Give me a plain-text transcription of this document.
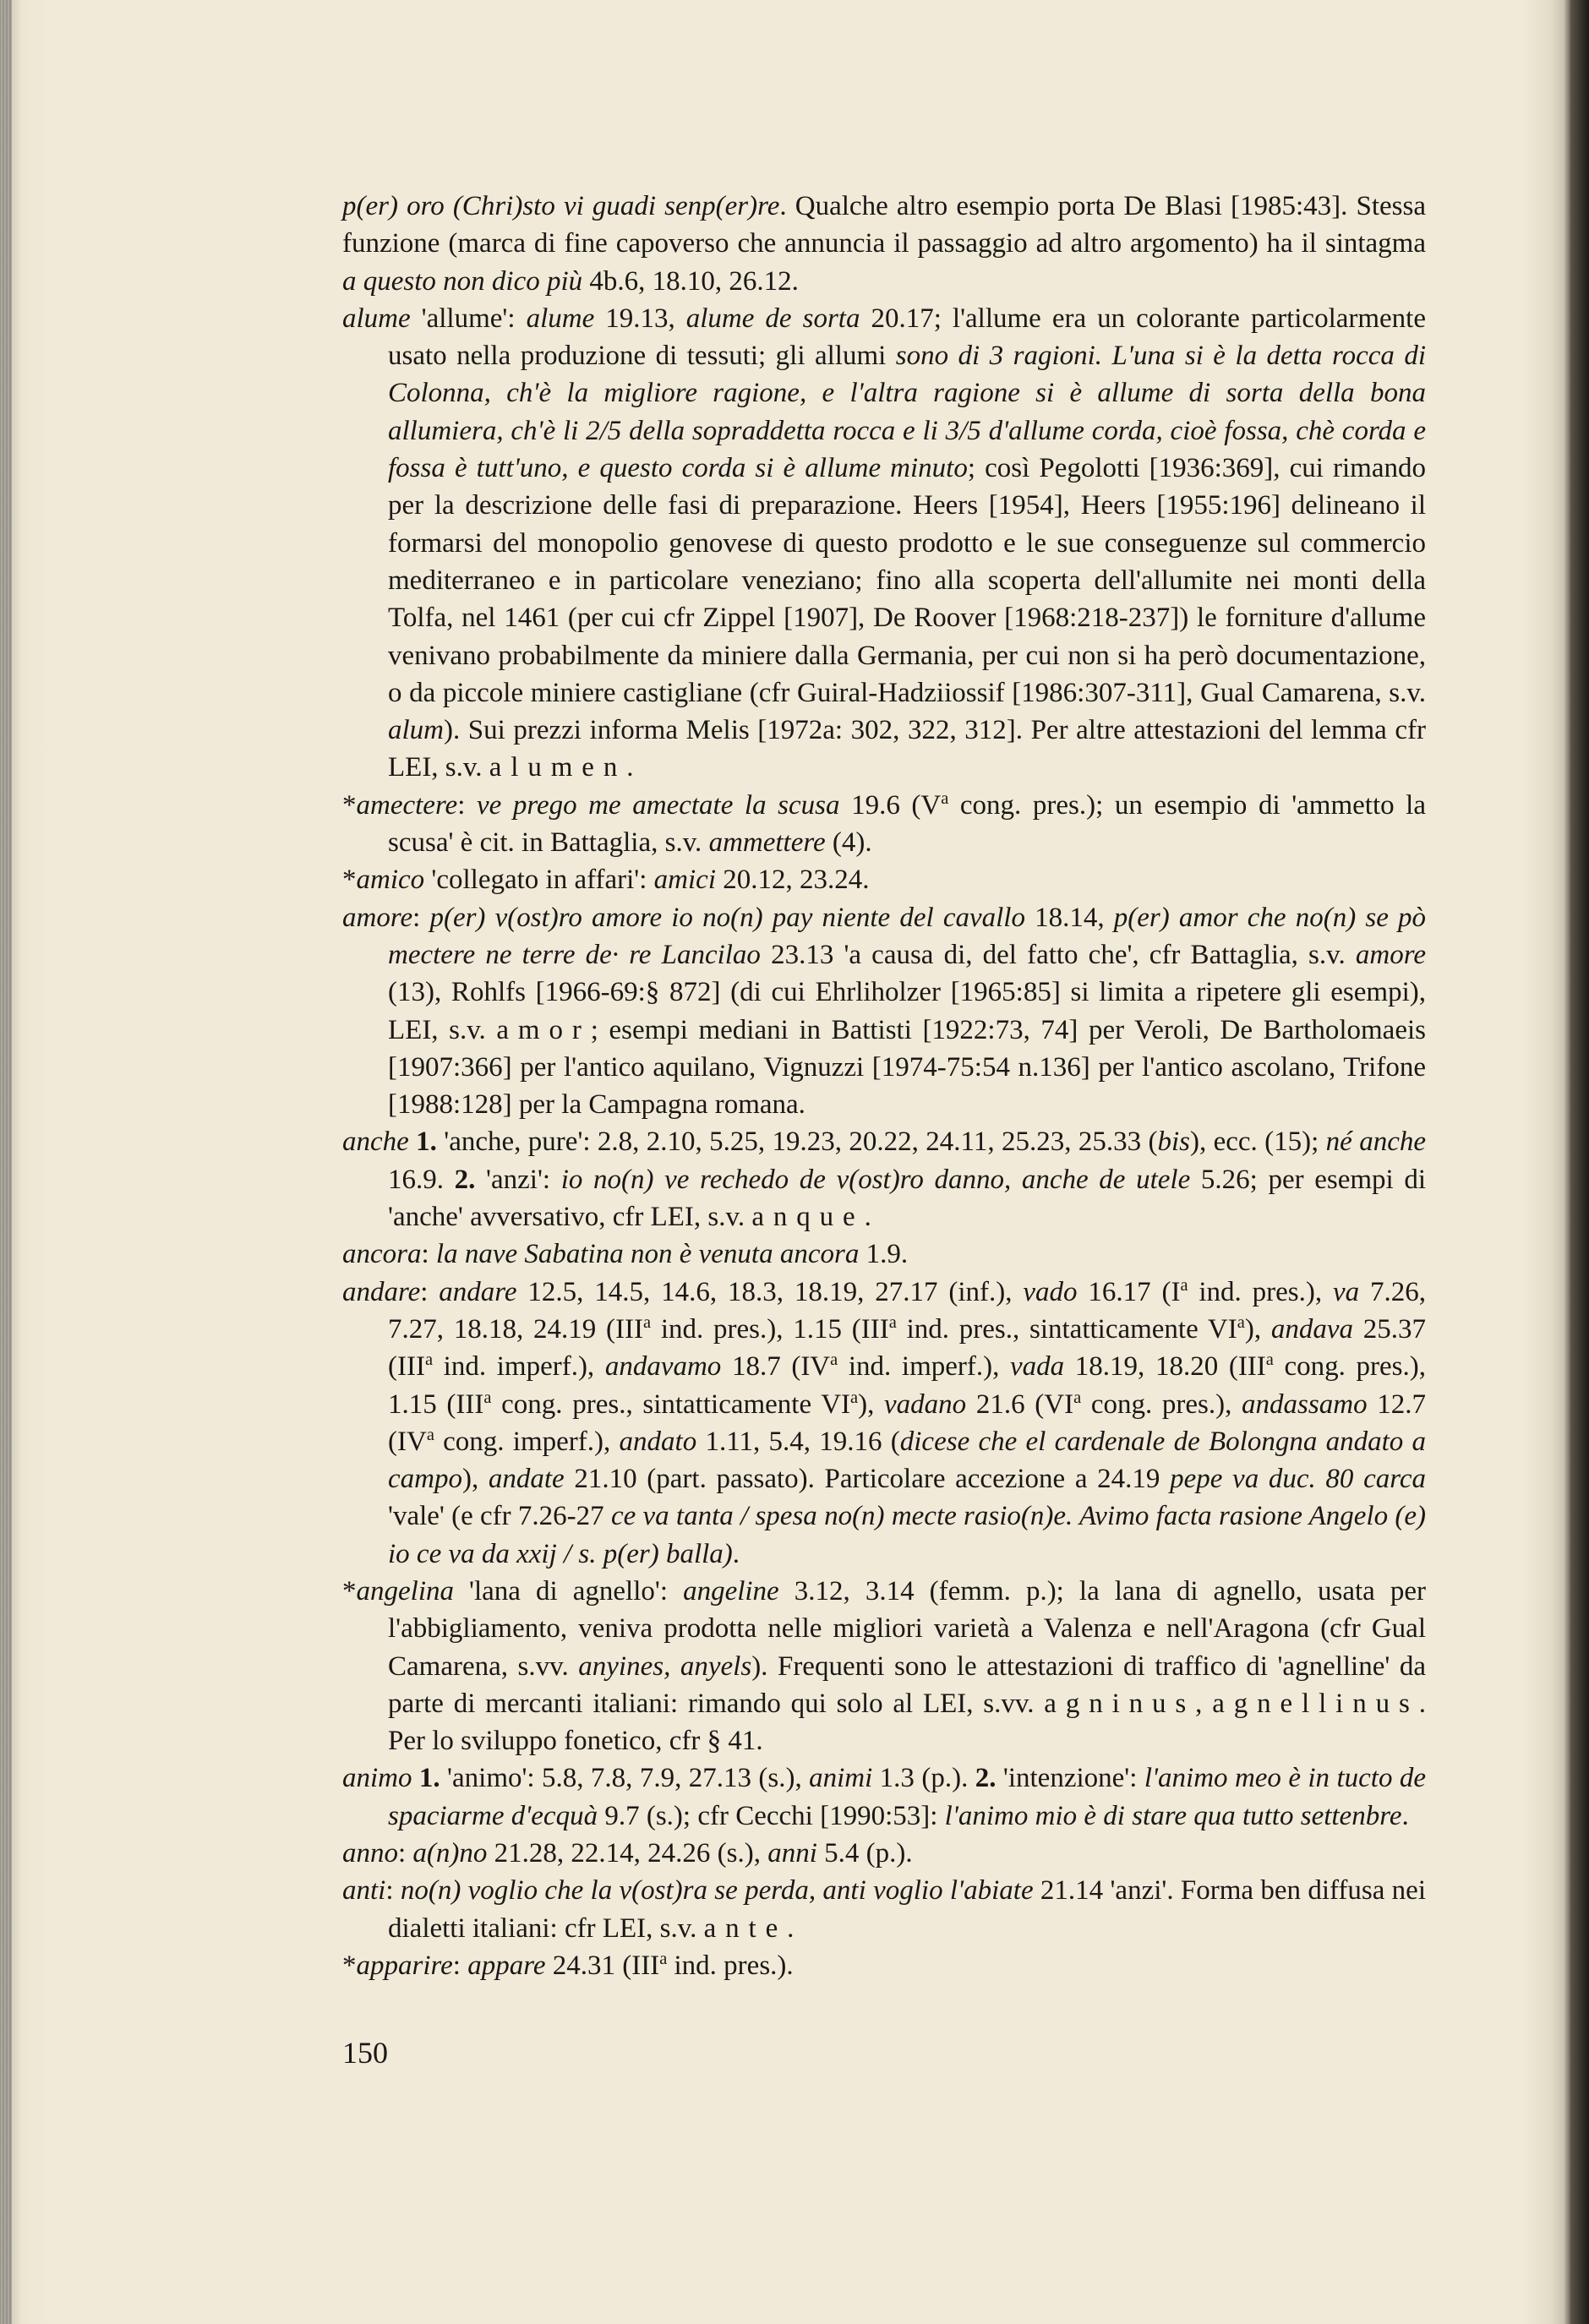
p(er) oro (Chri)sto vi guadi senp(er)re. Qualche altro esempio porta De Blasi [1985:43]. Stessa funzione (marca di fine capoverso che annuncia il passaggio ad altro argomento) ha il sintagma a questo non dico più 4b.6, 18.10, 26.12.
alume 'allume': alume 19.13, alume de sorta 20.17; l'allume era un colorante particolarmente usato nella produzione di tessuti; gli allumi sono di 3 ragioni. L'una si è la detta rocca di Colonna, ch'è la migliore ragione, e l'altra ragione si è allume di sorta della bona allumiera, ch'è li 2/5 della sopraddetta rocca e li 3/5 d'allume corda, cioè fossa, chè corda e fossa è tutt'uno, e questo corda si è allume minuto; così Pegolotti [1936:369], cui rimando per la descrizione delle fasi di preparazione. Heers [1954], Heers [1955:196] delineano il formarsi del monopolio genovese di questo prodotto e le sue conseguenze sul commercio mediterraneo e in particolare veneziano; fino alla scoperta dell'allumite nei monti della Tolfa, nel 1461 (per cui cfr Zippel [1907], De Roover [1968:218-237]) le forniture d'allume venivano probabilmente da miniere dalla Germania, per cui non si ha però documentazione, o da piccole miniere castigliane (cfr Guiral-Hadziiossif [1986:307-311], Gual Camarena, s.v. alum). Sui prezzi informa Melis [1972a: 302, 322, 312]. Per altre attestazioni del lemma cfr LEI, s.v. alumen.
*amectere: ve prego me amectate la scusa 19.6 ($V^a$ cong. pres.); un esempio di 'ammetto la scusa' è cit. in Battaglia, s.v. ammettere (4).
*amico 'collegato in affari': amici 20.12, 23.24.
amore: p(er) v(ost)ro amore io no(n) pay niente del cavallo 18.14, p(er) amor che no(n) se pò mectere ne terre de· re Lancilao 23.13 'a causa di, del fatto che', cfr Battaglia, s.v. amore (13), Rohlfs [1966-69:§ 872] (di cui Ehrliholzer [1965:85] si limita a ripetere gli esempi), LEI, s.v. amor; esempi mediani in Battisti [1922:73, 74] per Veroli, De Bartholomaeis [1907:366] per l'antico aquilano, Vignuzzi [1974-75:54 n.136] per l'antico ascolano, Trifone [1988:128] per la Campagna romana.
anche 1. 'anche, pure': 2.8, 2.10, 5.25, 19.23, 20.22, 24.11, 25.23, 25.33 (bis), ecc. (15); né anche 16.9. 2. 'anzi': io no(n) ve rechedo de v(ost)ro danno, anche de utele 5.26; per esempi di 'anche' avversativo, cfr LEI, s.v. anque.
ancora: la nave Sabatina non è venuta ancora 1.9.
andare: andare 12.5, 14.5, 14.6, 18.3, 18.19, 27.17 (inf.), vado 16.17 ($I^a$ ind. pres.), va 7.26, 7.27, 18.18, 24.19 (III$^a$ ind. pres.), 1.15 (III$^a$ ind. pres., sintatticamente $VI^a$), andava 25.37 (III$^a$ ind. imperf.), andavamo 18.7 ($IV^a$ ind. imperf.), vada 18.19, 18.20 (III$^a$ cong. pres.), 1.15 (III$^a$ cong. pres., sintatticamente $VI^a$), vadano 21.6 ($VI^a$ cong. pres.), andassamo 12.7 ($IV^a$ cong. imperf.), andato 1.11, 5.4, 19.16 (dicese che el cardenale de Bolongna andato a campo), andate 21.10 (part. passato). Particolare accezione a 24.19 pepe va duc. 80 carca 'vale' (e cfr 7.26-27 ce va tanta / spesa no(n) mecte rasio(n)e. Avimo facta rasione Angelo (e) io ce va da xxij / s. p(er) balla).
*angelina 'lana di agnello': angeline 3.12, 3.14 (femm. p.); la lana di agnello, usata per l'abbigliamento, veniva prodotta nelle migliori varietà a Valenza e nell'Aragona (cfr Gual Camarena, s.vv. anyines, anyels). Frequenti sono le attestazioni di traffico di 'agnelline' da parte di mercanti italiani: rimando qui solo al LEI, s.vv. agninus, agnellinus. Per lo sviluppo fonetico, cfr § 41.
animo 1. 'animo': 5.8, 7.8, 7.9, 27.13 (s.), animi 1.3 (p.). 2. 'intenzione': l'animo meo è in tucto de spaciarme d'ecquà 9.7 (s.); cfr Cecchi [1990:53]: l'animo mio è di stare qua tutto settenbre.
anno: a(n)no 21.28, 22.14, 24.26 (s.), anni 5.4 (p.).
anti: no(n) voglio che la v(ost)ra se perda, anti voglio l'abiate 21.14 'anzi'. Forma ben diffusa nei dialetti italiani: cfr LEI, s.v. ante.
*apparire: appare 24.31 (III$^a$ ind. pres.).
150
